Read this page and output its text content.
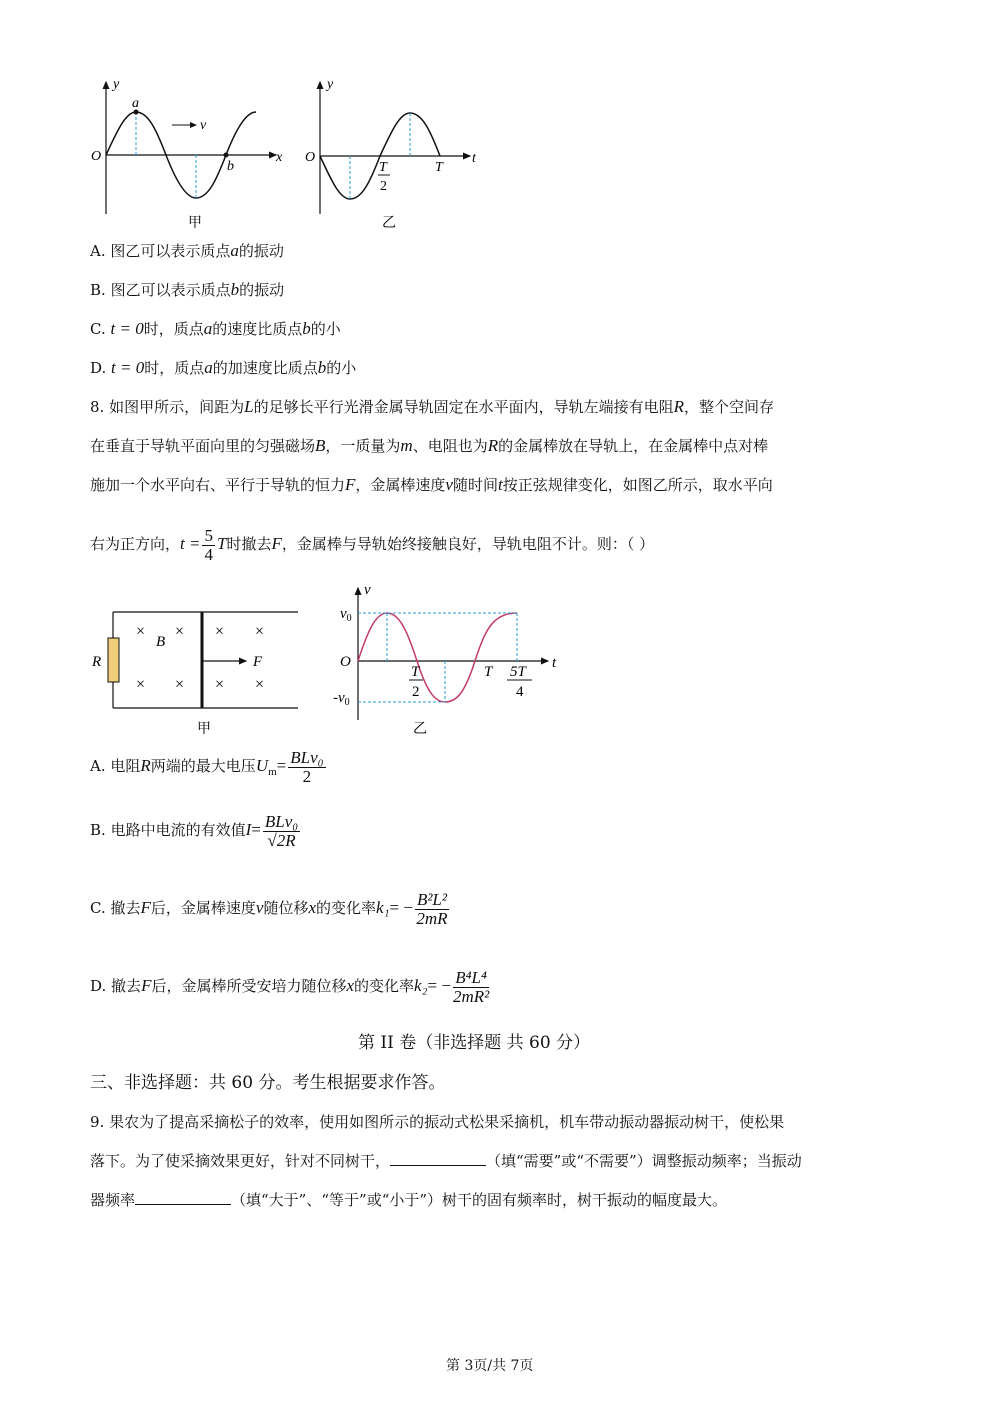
y
x
O
a
b
v
甲
y
t
O
T
2
T
乙
A. 图乙可以表示质点a的振动
B. 图乙可以表示质点b的振动
C. t = 0时，质点a的速度比质点b的小
D. t = 0时，质点a的加速度比质点b的小
8. 如图甲所示，间距为L的足够长平行光滑金属导轨固定在水平面内，导轨左端接有电阻R，整个空间存
在垂直于导轨平面向里的匀强磁场B，一质量为m、电阻也为R的金属棒放在导轨上，在金属棒中点对棒
施加一个水平向右、平行于导轨的恒力F，金属棒速度v随时间t按正弦规律变化，如图乙所示，取水平向
右为正方向，$t = \frac{5}{4}$ T时撤去F，金属棒与导轨始终接触良好，导轨电阻不计。则：（ ）
R
B
F
× × × ×
× × × ×
甲
v
t
O
$v_0$
$-v_0$
T
2
T 5T
4
乙
A. 电阻R两端的最大电压$U_m= \frac{\text{BLv₀}}{2}$
B. 电路中电流的有效值$I= \frac{\text{BLv₀}}{√2R}$
C. 撤去F后，金属棒速度v随位移x的变化率$k_1= - \frac{\text{B²L²}}{2mR}$
D. 撤去F后，金属棒所受安培力随位移x的变化率$k_2= - \frac{\text{B⁴L⁴}}{\text{2mR²}}$
第 II 卷（非选择题 共 60 分）
三、非选择题：共 60 分。考生根据要求作答。
9. 果农为了提高采摘松子的效率，使用如图所示的振动式松果采摘机，机车带动振动器振动树干，使松果
落下。为了使采摘效果更好，针对不同树干，	（填“需要”或“不需要”）调整振动频率；当振动
器频率	（填“大于”、“等于”或“小于”）树干的固有频率时，树干振动的幅度最大。
第 3页/共 7页
